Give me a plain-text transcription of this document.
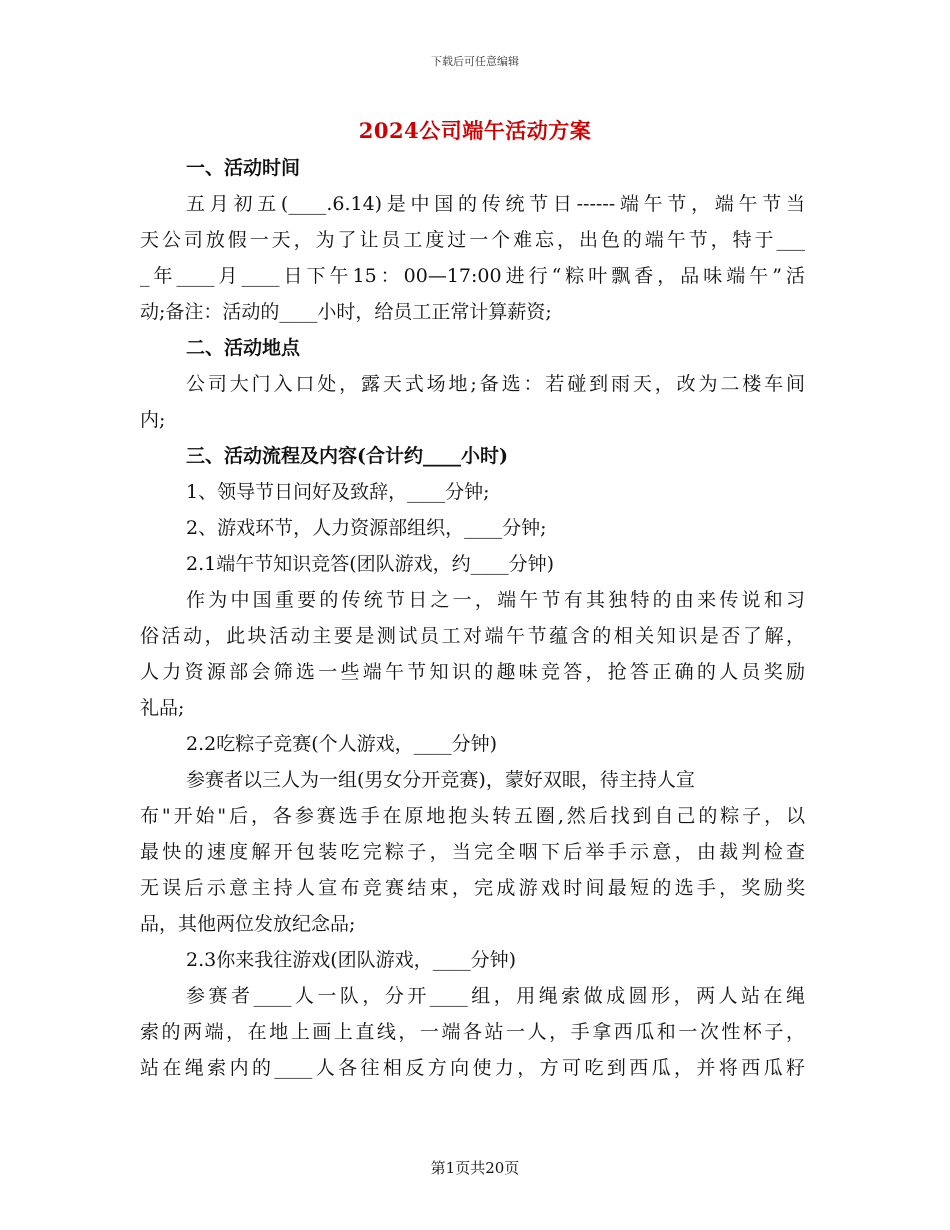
下载后可任意编辑
2024公司端午活动方案
一、活动时间
五月初五(____.6.14)是中国的传统节日------端午节，端午节当
天公司放假一天，为了让员工度过一个难忘，出色的端午节，特于___
_年____月____日下午15：00—17:00进行“粽叶飘香，品味端午”活
动;备注：活动的____小时，给员工正常计算薪资;
二、活动地点
公司大门入口处，露天式场地;备选：若碰到雨天，改为二楼车间
内;
三、活动流程及内容(合计约____小时)
1、领导节日问好及致辞，____分钟;
2、游戏环节，人力资源部组织，____分钟;
2.1端午节知识竞答(团队游戏，约____分钟)
作为中国重要的传统节日之一，端午节有其独特的由来传说和习
俗活动，此块活动主要是测试员工对端午节蕴含的相关知识是否了解，
人力资源部会筛选一些端午节知识的趣味竞答，抢答正确的人员奖励
礼品;
2.2吃粽子竞赛(个人游戏，____分钟)
参赛者以三人为一组(男女分开竞赛)，蒙好双眼，待主持人宣
布"开始"后，各参赛选手在原地抱头转五圈,然后找到自己的粽子，以
最快的速度解开包装吃完粽子，当完全咽下后举手示意，由裁判检查
无误后示意主持人宣布竞赛结束，完成游戏时间最短的选手，奖励奖
品，其他两位发放纪念品;
2.3你来我往游戏(团队游戏，____分钟)
参赛者____人一队，分开____组，用绳索做成圆形，两人站在绳
索的两端，在地上画上直线，一端各站一人，手拿西瓜和一次性杯子，
站在绳索内的____人各往相反方向使力，方可吃到西瓜，并将西瓜籽
第1页共20页
